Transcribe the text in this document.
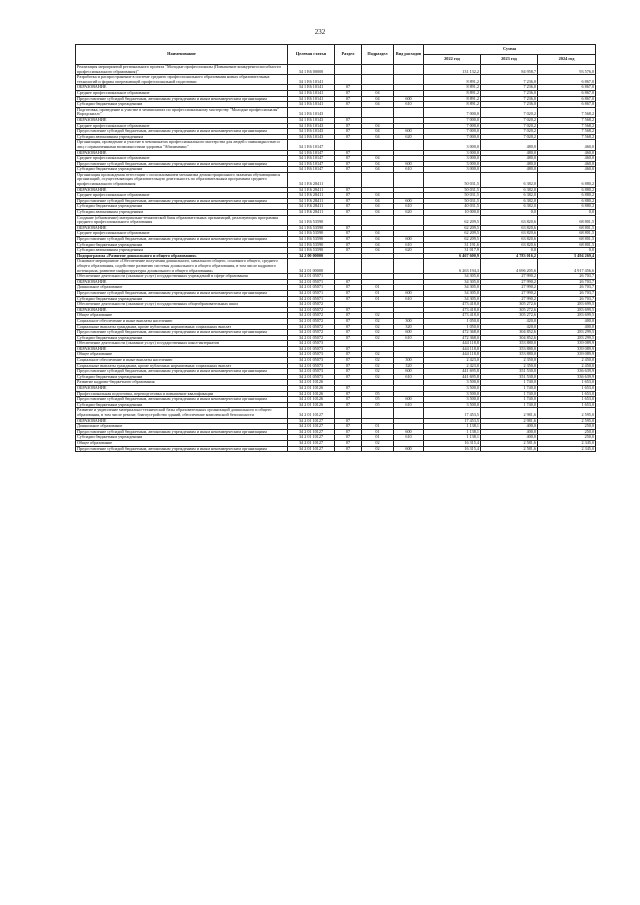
232
Наименование	Целевая статья	Раздел	Подраздел	Вид расходов	Сумма		
					2022 год	2023 год	2024 год
Реализация мероприятий регионального проекта "Молодые профессионалы (Повышение конкурентоспособности профессионального образования)"	34 1 E6 00000				131 132,2	84 958,7	93 576,0
Разработка и распространение в системе среднего профессионального образования новых образовательных технологий и формы опережающей профессиональной подготовки	34 1 E6 10141				8 891,2	7 236,0	6 867,0
ОБРАЗОВАНИЕ	34 1 E6 10141	07			8 891,2	7 236,0	6 867,0
Среднее профессиональное образование	34 1 E6 10141	07	04		8 891,2	7 236,0	6 867,0
Предоставление субсидий бюджетным, автономным учреждениям и иным некоммерческим организациям	34 1 E6 10141	07	04	600	8 891,2	7 236,0	6 867,0
Субсидии бюджетным учреждениям	34 1 E6 10141	07	04	610	8 891,2	7 236,0	6 867,0
Подготовка, проведение и участие в чемпионатах по профессиональному мастерству "Молодые профессионалы" Ворлдскиллс"	34 1 E6 10143				7 000,0	7 020,2	7 568,2
ОБРАЗОВАНИЕ	34 1 E6 10143	07			7 000,0	7 020,2	7 568,2
Среднее профессиональное образование	34 1 E6 10143	07	04		7 000,0	7 020,2	7 568,2
Предоставление субсидий бюджетным, автономным учреждениям и иным некоммерческим организациям	34 1 E6 10143	07	04	600	7 000,0	7 020,2	7 568,2
Субсидии автономным учреждениям	34 1 E6 10143	07	04	620	7 000,0	7 020,2	7 568,2
Организация, проведение и участие в чемпионатах профессионального мастерства для людей с инвалидностью и лиц с ограниченными возможностями здоровья "Абилимпикс"	34 1 E6 10147				3 000,0	480,0	460,0
ОБРАЗОВАНИЕ	34 1 E6 10147	07			3 000,0	480,0	460,0
Среднее профессиональное образование	34 1 E6 10147	07	04		3 000,0	480,0	460,0
Предоставление субсидий бюджетным, автономным учреждениям и иным некоммерческим организациям	34 1 E6 10147	07	04	600	3 000,0	480,0	460,0
Субсидии бюджетным учреждениям	34 1 E6 10147	07	04	610	3 000,0	480,0	460,0
Организация прохождения аттестации с использованием механизма демонстрационного экзамена обучающимися организаций, осуществляющих образовательную деятельность по образовательным программам среднего профессионального образования	34 1 E6 28411				50 031,5	6 382,0	6 880,2
ОБРАЗОВАНИЕ	34 1 E6 28411	07			50 031,5	6 382,0	6 880,2
Среднее профессиональное образование	34 1 E6 28411	07	04		50 031,5	6 382,0	6 880,2
Предоставление субсидий бюджетным, автономным учреждениям и иным некоммерческим организациям	34 1 E6 28411	07	04	600	50 031,5	6 382,0	6 880,2
Субсидии бюджетным учреждениям	34 1 E6 28411	07	04	610	40 031,5	6 382,0	6 880,2
Субсидии автономным учреждениям	34 1 E6 28411	07	04	620	10 000,0	0,0	0,0
Создание (обновление) материально-технической базы образовательных организаций, реализующих программы среднего профессионального образования	34 1 E6 53590				62 209,5	63 820,6	68 801,5
ОБРАЗОВАНИЕ	34 1 E6 53590	07			62 209,5	63 820,6	68 801,5
Среднее профессиональное образование	34 1 E6 53590	07	04		62 209,5	63 820,6	68 801,5
Предоставление субсидий бюджетным, автономным учреждениям и иным некоммерческим организациям	34 1 E6 53590	07	04	600	62 209,5	63 820,6	68 801,5
Субсидии бюджетным учреждениям	34 1 E6 53590	07	04	610	31 191,6	63 820,6	68 801,5
Субсидии автономным учреждениям	34 1 E6 53590	07	04	620	31 017,9	0,0	0,0
Подпрограмма «Развитие дошкольного и общего образования»	34 2 00 00000				6 467 600,9	4 783 016,2	5 494 269,4
Основное мероприятие «Обеспечение получения дошкольного, начального общего, основного общего, среднего общего образования, содействие развитию системы дошкольного и общего образования, в том числе кадрового потенциала, развитие инфраструктуры дошкольного и общего образования»	34 2 01 00000				6 263 194,3	4 696 205,6	4 917 456,6
Обеспечение деятельности (оказание услуг) государственных учреждений в сфере образования	34 2 01 05071				34 305,0	27 990,2	26 703,7
ОБРАЗОВАНИЕ	34 2 01 05071	07			34 305,0	27 990,2	26 703,7
Дошкольное образование	34 2 01 05071	07	01		34 305,0	27 990,2	26 703,7
Предоставление субсидий бюджетным, автономным учреждениям и иным некоммерческим организациям	34 2 01 05071	07	01	600	34 305,0	27 990,2	26 703,7
Субсидии бюджетным учреждениям	34 2 01 05071	07	01	610	34 305,0	27 990,2	26 703,7
Обеспечение деятельности (оказание услуг) государственных общеобразовательных школ	34 2 01 05072				473 418,0	305 272,6	283 699,5
ОБРАЗОВАНИЕ	34 2 01 05072	07			473 418,0	305 272,6	283 699,5
Общее образование	34 2 01 05072	07	02		473 418,0	305 272,6	283 699,5
Социальное обеспечение и иные выплаты населению	34 2 01 05072	07	02	300	1 050,0	420,0	400,0
Социальные выплаты гражданам, кроме публичных нормативных социальных выплат	34 2 01 05072	07	02	320	1 050,0	420,0	400,0
Предоставление субсидий бюджетным, автономным учреждениям и иным некоммерческим организациям	34 2 01 05072	07	02	600	472 368,0	304 852,6	283 299,5
Субсидии бюджетным учреждениям	34 2 01 05072	07	02	610	472 368,0	304 852,6	283 299,5
Обеспечение деятельности (оказание услуг) государственных школ-интернатов	34 2 01 05073				444 118,8	353 880,0	339 089,9
ОБРАЗОВАНИЕ	34 2 01 05073	07			444 118,8	353 880,0	339 089,9
Общее образование	34 2 01 05073	07	02		444 118,8	353 880,0	339 089,9
Социальное обеспечение и иные выплаты населению	34 2 01 05073	07	02	300	2 423,0	2 350,0	2 450,0
Социальные выплаты гражданам, кроме публичных нормативных социальных выплат	34 2 01 05073	07	02	320	2 423,0	2 350,0	2 450,0
Предоставление субсидий бюджетным, автономным учреждениям и иным некоммерческим организациям	34 2 01 05073	07	02	600	441 695,8	351 530,0	336 639,9
Субсидии бюджетным учреждениям	34 2 01 05073	07	02	610	441 695,8	351 530,0	336 639,9
Развитие кадрово-бюджетного образования	34 2 01 10126				3 500,0	1 740,0	1 653,0
ОБРАЗОВАНИЕ	34 2 01 10126	07			3 500,0	1 740,0	1 653,0
Профессиональная подготовка, переподготовка и повышение квалификации	34 2 01 10126	07	05		3 500,0	1 740,0	1 653,0
Предоставление субсидий бюджетным, автономным учреждениям и иным некоммерческим организациям	34 2 01 10126	07	05	600	3 500,0	1 740,0	1 653,0
Субсидии бюджетным учреждениям	34 2 01 10126	07	05	610	3 500,0	1 740,0	1 653,0
Развитие и укрепление материально-технической базы образовательных организаций дошкольного и общего образования, в том числе ремонт, благоустройство зданий, обеспечение комплексной безопасности	34 2 01 10127				17 453,5	2 981,6	2 595,0
ОБРАЗОВАНИЕ	34 2 01 10127	07			17 453,5	2 981,6	2 595,0
Дошкольное образование	34 2 01 10127	07	01		1 138,1	400,0	250,0
Предоставление субсидий бюджетным, автономным учреждениям и иным некоммерческим организациям	34 2 01 10127	07	01	600	1 138,1	400,0	250,0
Субсидии бюджетным учреждениям	34 2 01 10127	07	01	610	1 138,1	400,0	250,0
Общее образование	34 2 01 10127	07	02		16 315,4	2 581,6	2 345,0
Предоставление субсидий бюджетным, автономным учреждениям и иным некоммерческим организациям	34 2 01 10127	07	02	600	16 315,4	2 581,6	2 345,0
